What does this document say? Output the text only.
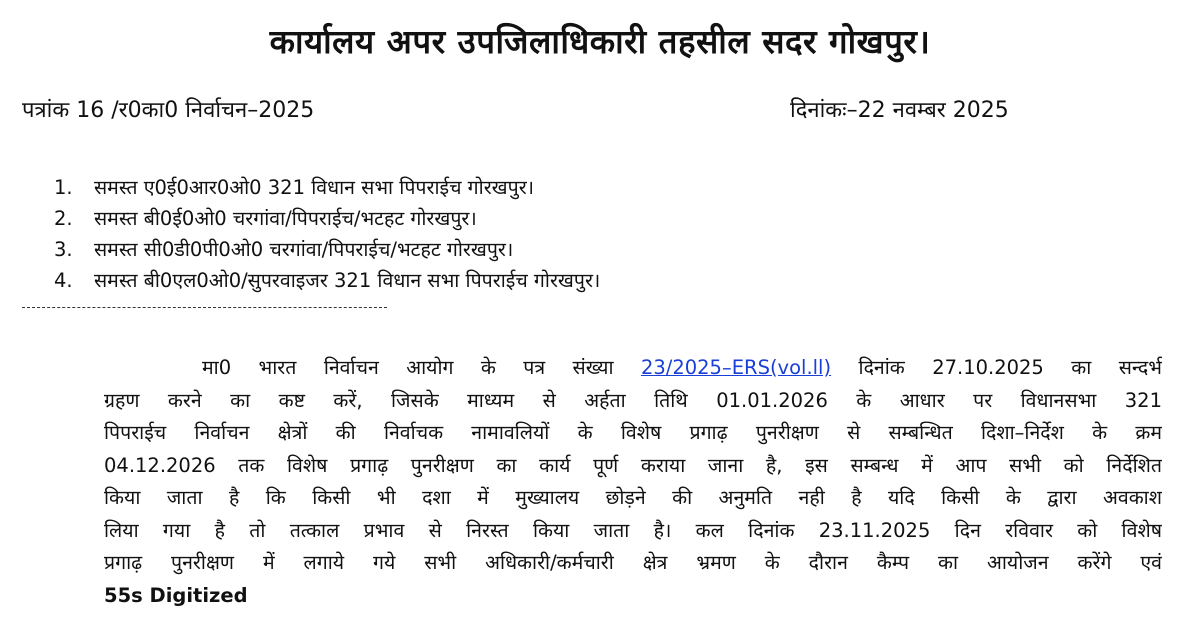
कार्यालय अपर उपजिलाधिकारी तहसील सदर गोखपुर।
पत्रांक 16 /र0का0 निर्वाचन–2025	दिनांकः–22 नवम्बर 2025
1. समस्त ए0ई0आर0ओ0 321 विधान सभा पिपराईच गोरखपुर।
2. समस्त बी0ई0ओ0 चरगांवा/पिपराईच/भटहट गोरखपुर।
3. समस्त सी0डी0पी0ओ0 चरगांवा/पिपराईच/भटहट गोरखपुर।
4. समस्त बी0एल0ओ0/सुपरवाइजर 321 विधान सभा पिपराईच गोरखपुर।
मा0 भारत निर्वाचन आयोग के पत्र संख्या 23/2025–ERS(vol.ll) दिनांक 27.10.2025 का सन्दर्भ
ग्रहण करने का कष्ट करें, जिसके माध्यम से अर्हता तिथि 01.01.2026 के आधार पर विधानसभा 321
पिपराईच निर्वाचन क्षेत्रों की निर्वाचक नामावलियों के विशेष प्रगाढ़ पुनरीक्षण से सम्बन्धित दिशा–निर्देश के क्रम
04.12.2026 तक विशेष प्रगाढ़ पुनरीक्षण का कार्य पूर्ण कराया जाना है, इस सम्बन्ध में आप सभी को निर्देशित
किया जाता है कि किसी भी दशा में मुख्यालय छोड़ने की अनुमति नही है यदि किसी के द्वारा अवकाश
लिया गया है तो तत्काल प्रभाव से निरस्त किया जाता है। कल दिनांक 23.11.2025 दिन रविवार को विशेष
प्रगाढ़ पुनरीक्षण में लगाये गये सभी अधिकारी/कर्मचारी क्षेत्र भ्रमण के दौरान कैम्प का आयोजन करेंगे एवं
55s Digitized
